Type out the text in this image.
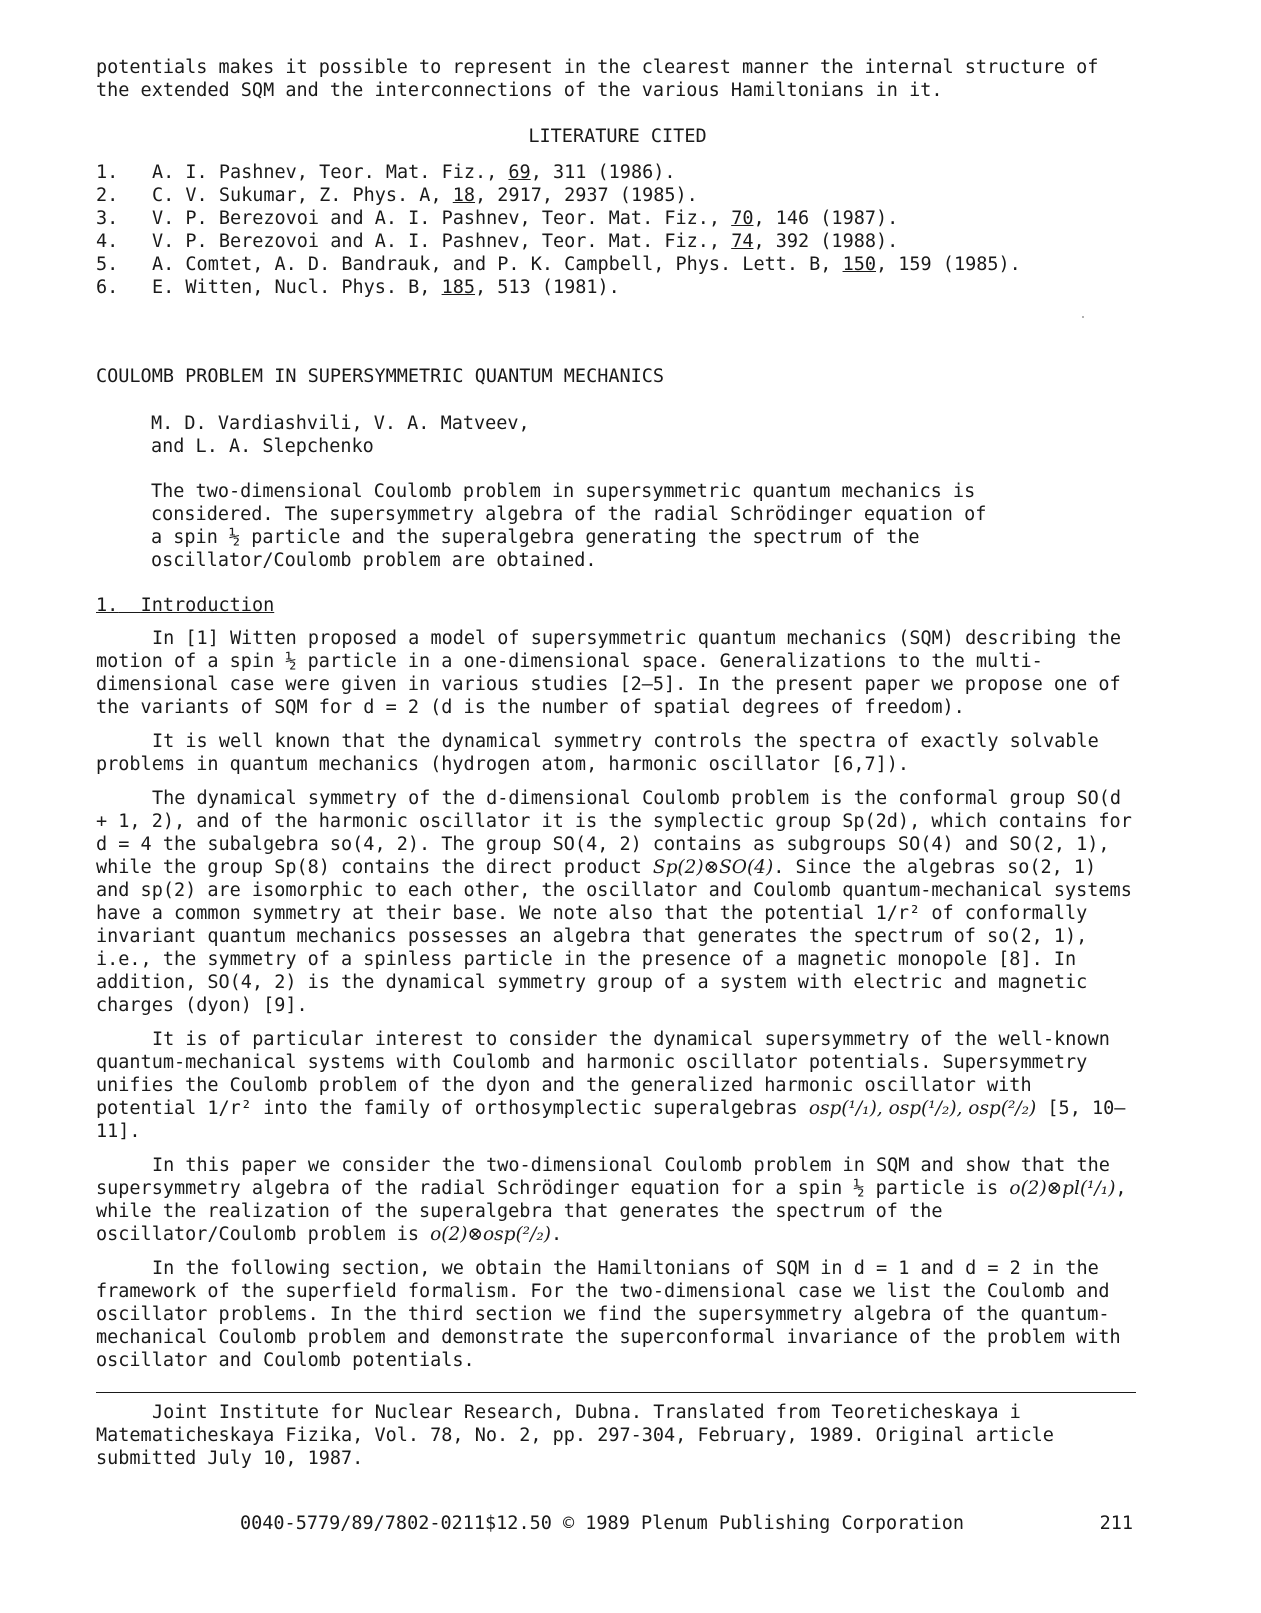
potentials makes it possible to represent in the clearest manner the internal structure of

the extended SQM and the interconnections of the various Hamiltonians in it.

LITERATURE CITED
1.	A. I. Pashnev, Teor. Mat. Fiz., 69, 311 (1986).
2.	C. V. Sukumar, Z. Phys. A, 18, 2917, 2937 (1985).
3.	V. P. Berezovoi and A. I. Pashnev, Teor. Mat. Fiz., 70, 146 (1987).
4.	V. P. Berezovoi and A. I. Pashnev, Teor. Mat. Fiz., 74, 392 (1988).
5.	A. Comtet, A. D. Bandrauk, and P. K. Campbell, Phys. Lett. B, 150, 159 (1985).
6.	E. Witten, Nucl. Phys. B, 185, 513 (1981).
COULOMB PROBLEM IN SUPERSYMMETRIC QUANTUM MECHANICS

M. D. Vardiashvili, V. A. Matveev,

and L. A. Slepchenko

The two-dimensional Coulomb problem in supersymmetric quantum mechanics is considered. The supersymmetry algebra of the radial Schrödinger equation of a spin ½ particle and the superalgebra generating the spectrum of the oscillator/Coulomb problem are obtained.

1. Introduction

In [1] Witten proposed a model of supersymmetric quantum mechanics (SQM) describing the motion of a spin ½ particle in a one-dimensional space. Generalizations to the multi-dimensional case were given in various studies [2–5]. In the present paper we propose one of the variants of SQM for d = 2 (d is the number of spatial degrees of freedom).

It is well known that the dynamical symmetry controls the spectra of exactly solvable problems in quantum mechanics (hydrogen atom, harmonic oscillator [6,7]).

The dynamical symmetry of the d-dimensional Coulomb problem is the conformal group SO(d + 1, 2), and of the harmonic oscillator it is the symplectic group Sp(2d), which contains for d = 4 the subalgebra so(4, 2). The group SO(4, 2) contains as subgroups SO(4) and SO(2, 1), while the group Sp(8) contains the direct product Sp(2)⊗SO(4). Since the algebras so(2, 1) and sp(2) are isomorphic to each other, the oscillator and Coulomb quantum-mechanical systems have a common symmetry at their base. We note also that the potential 1/r² of conformally invariant quantum mechanics possesses an algebra that generates the spectrum of so(2, 1), i.e., the symmetry of a spinless particle in the presence of a magnetic monopole [8]. In addition, SO(4, 2) is the dynamical symmetry group of a system with electric and magnetic charges (dyon) [9].

It is of particular interest to consider the dynamical supersymmetry of the well-known quantum-mechanical systems with Coulomb and harmonic oscillator potentials. Supersymmetry unifies the Coulomb problem of the dyon and the generalized harmonic oscillator with potential 1/r² into the family of orthosymplectic superalgebras osp(¹/₁), osp(¹/₂), osp(²/₂) [5, 10–11].

In this paper we consider the two-dimensional Coulomb problem in SQM and show that the supersymmetry algebra of the radial Schrödinger equation for a spin ½ particle is o(2)⊗pl(¹/₁), while the realization of the superalgebra that generates the spectrum of the oscillator/Coulomb problem is o(2)⊗osp(²/₂).

In the following section, we obtain the Hamiltonians of SQM in d = 1 and d = 2 in the framework of the superfield formalism. For the two-dimensional case we list the Coulomb and oscillator problems. In the third section we find the supersymmetry algebra of the quantum-mechanical Coulomb problem and demonstrate the superconformal invariance of the problem with oscillator and Coulomb potentials.

Joint Institute for Nuclear Research, Dubna. Translated from Teoreticheskaya i Matematicheskaya Fizika, Vol. 78, No. 2, pp. 297-304, February, 1989. Original article submitted July 10, 1987.

0040-5779/89/7802-0211$12.50 © 1989 Plenum Publishing Corporation	211
